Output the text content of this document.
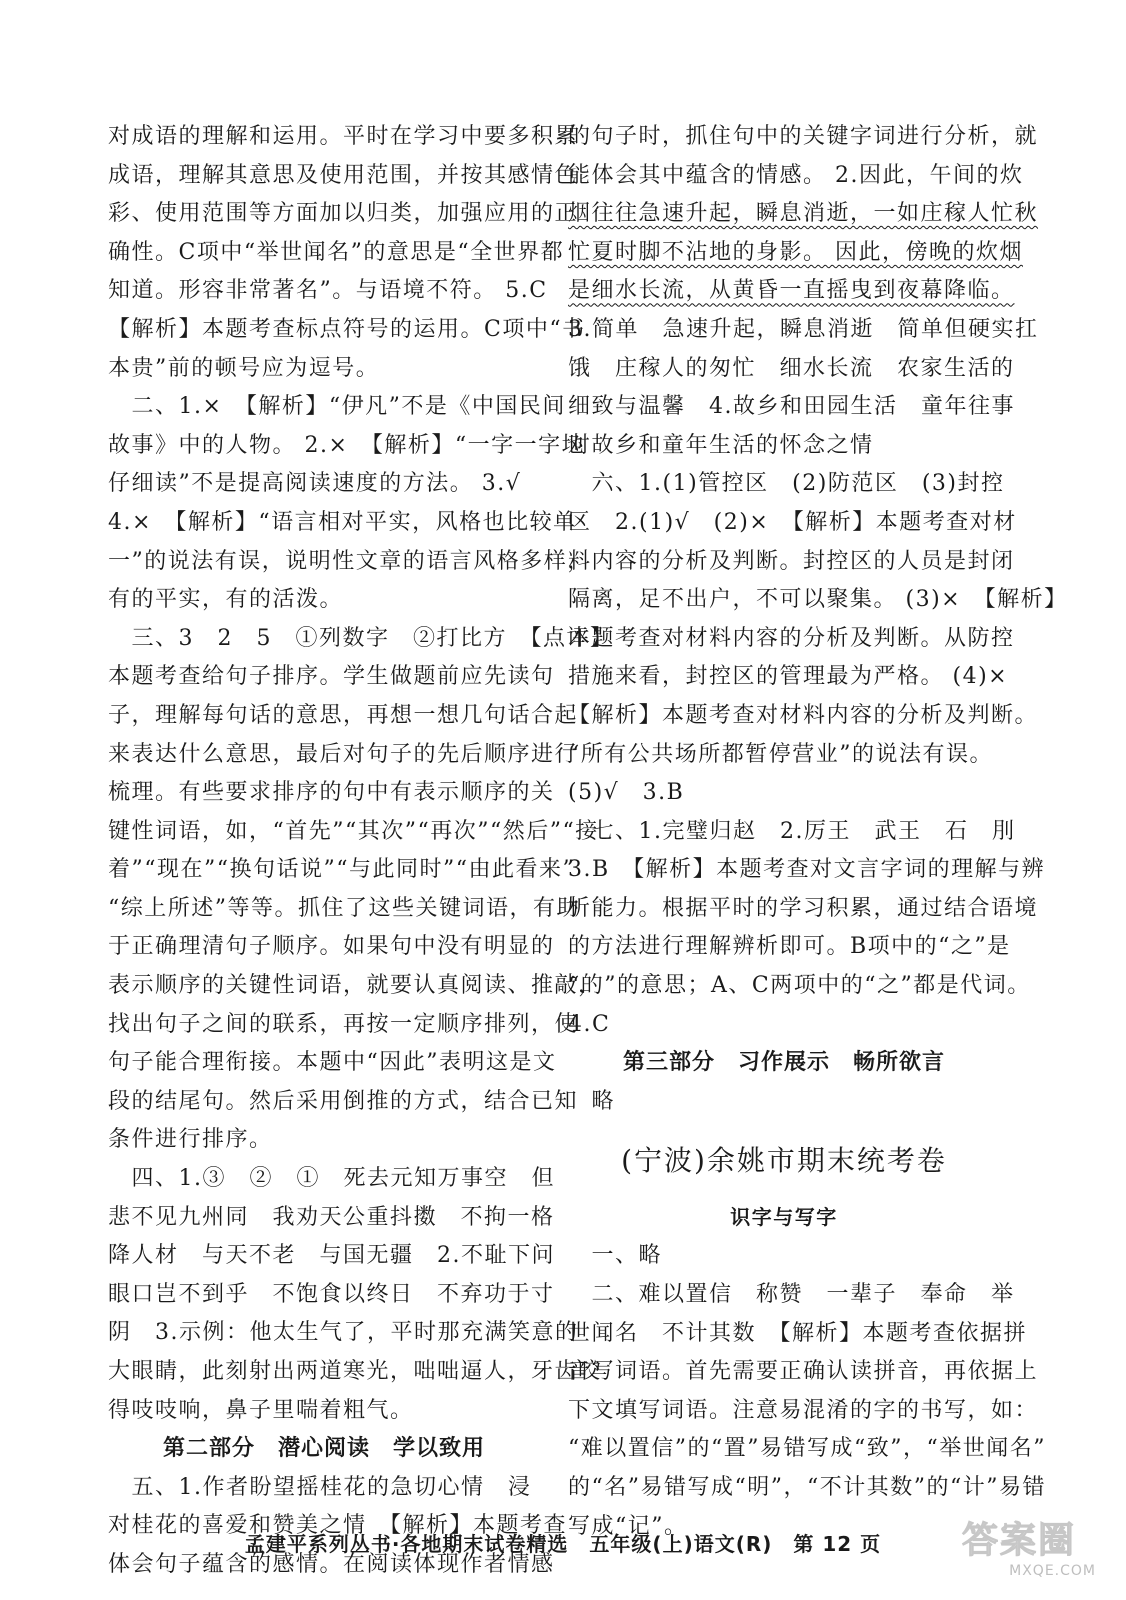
对成语的理解和运用。平时在学习中要多积累
成语，理解其意思及使用范围，并按其感情色
彩、使用范围等方面加以归类，加强应用的正
确性。C项中“举世闻名”的意思是“全世界都
知道。形容非常著名”。与语境不符。 5.C
【解析】本题考查标点符号的运用。C项中“书
本贵”前的顿号应为逗号。
　二、1.×　【解析】“伊凡”不是《中国民间
故事》中的人物。 2.×　【解析】“一字一字地
仔细读”不是提高阅读速度的方法。 3.√
4.×　【解析】“语言相对平实，风格也比较单
一”的说法有误，说明性文章的语言风格多样，
有的平实，有的活泼。
　三、3　2　5　①列数字　②打比方　【点评】
本题考查给句子排序。学生做题前应先读句
子，理解每句话的意思，再想一想几句话合起
来表达什么意思，最后对句子的先后顺序进行
梳理。有些要求排序的句中有表示顺序的关
键性词语，如，“首先”“其次”“再次”“然后”“接
着”“现在”“换句话说”“与此同时”“由此看来”
“综上所述”等等。抓住了这些关键词语，有助
于正确理清句子顺序。如果句中没有明显的
表示顺序的关键性词语，就要认真阅读、推敲，
找出句子之间的联系，再按一定顺序排列，使
句子能合理衔接。本题中“因此”表明这是文
段的结尾句。然后采用倒推的方式，结合已知
条件进行排序。
　四、1.③　②　①　死去元知万事空　但
悲不见九州同　我劝天公重抖擞　不拘一格
降人材　与天不老　与国无疆　2.不耻下问
眼口岂不到乎　不饱食以终日　不弃功于寸
阴　3.示例：他太生气了，平时那充满笑意的
大眼睛，此刻射出两道寒光，咄咄逼人，牙齿咬
得吱吱响，鼻子里喘着粗气。
第二部分　潜心阅读　学以致用
　五、1.作者盼望摇桂花的急切心情　浸
对桂花的喜爱和赞美之情　【解析】本题考查
体会句子蕴含的感情。在阅读体现作者情感
的句子时，抓住句中的关键字词进行分析，就
能体会其中蕴含的情感。 2.因此，午间的炊
烟往往急速升起，瞬息消逝，一如庄稼人忙秋
忙夏时脚不沾地的身影。 因此，傍晚的炊烟
是细水长流，从黄昏一直摇曳到夜幕降临。
3.简单　急速升起，瞬息消逝　简单但硬实扛
饿　庄稼人的匆忙　细水长流　农家生活的
细致与温馨　4.故乡和田园生活　童年往事
对故乡和童年生活的怀念之情
　六、1.(1)管控区　(2)防范区　(3)封控
区　2.(1)√　(2)×　【解析】本题考查对材
料内容的分析及判断。封控区的人员是封闭
隔离，足不出户，不可以聚集。 (3)×　【解析】
本题考查对材料内容的分析及判断。从防控
措施来看，封控区的管理最为严格。 (4)×
【解析】本题考查对材料内容的分析及判断。
“所有公共场所都暂停营业”的说法有误。
(5)√　3.B
　七、1.完璧归赵　2.厉王　武王　石　刖
3.B　【解析】本题考查对文言字词的理解与辨
析能力。根据平时的学习积累，通过结合语境
的方法进行理解辨析即可。B项中的“之”是
“的”的意思；A、C两项中的“之”都是代词。
4.C
第三部分　习作展示　畅所欲言
　略
(宁波)余姚市期末统考卷
识字与写字
　一、略
　二、难以置信　称赞　一辈子　奉命　举
世闻名　不计其数　【解析】本题考查依据拼
音写词语。首先需要正确认读拼音，再依据上
下文填写词语。注意易混淆的字的书写，如：
“难以置信”的“置”易错写成“致”，“举世闻名”
的“名”易错写成“明”，“不计其数”的“计”易错
写成“记”。
孟建平系列丛书·各地期末试卷精选　五年级(上)语文(R)　第 12 页	答案圈
MXQE.COM
